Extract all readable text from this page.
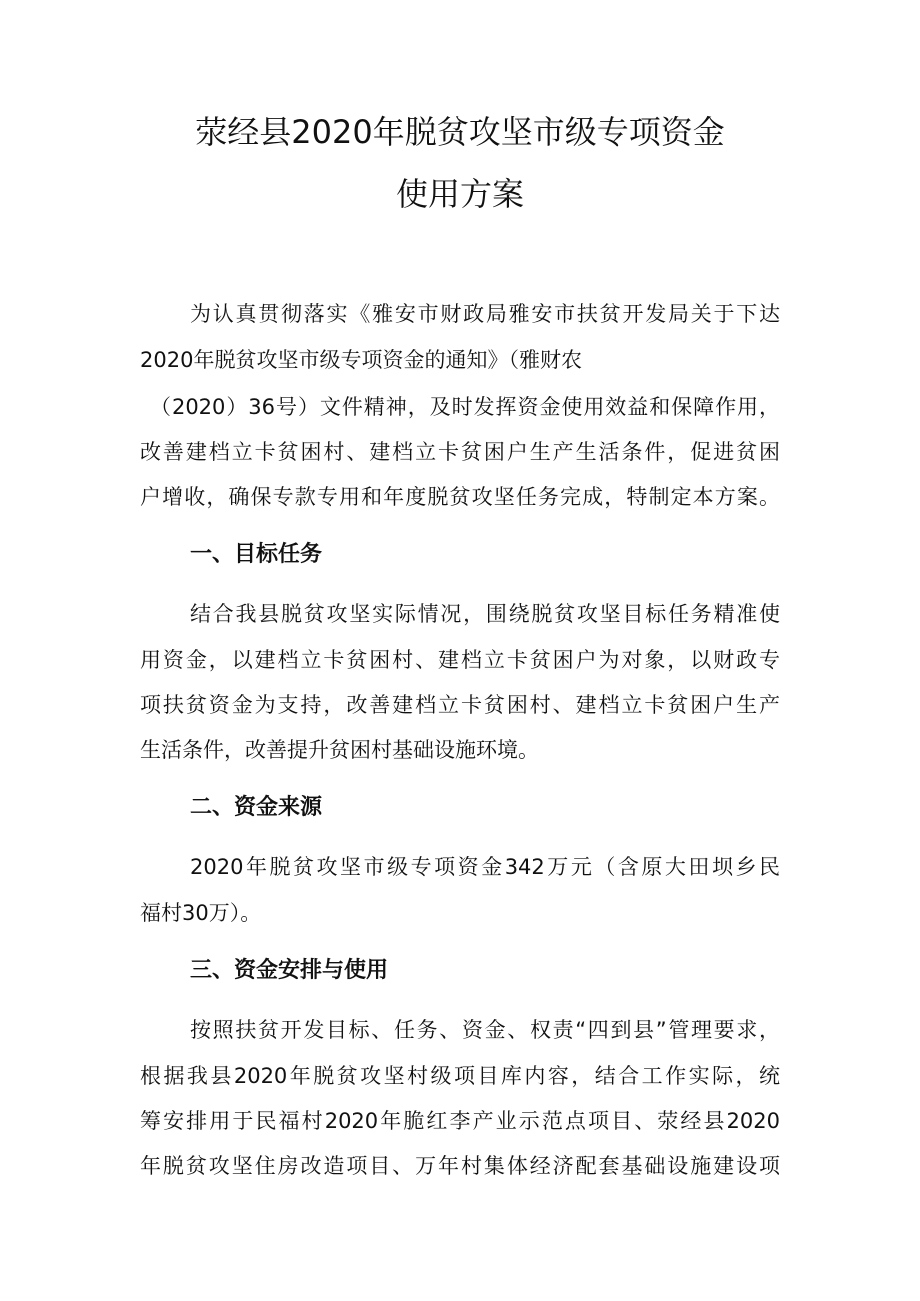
荥经县2020年脱贫攻坚市级专项资金
使用方案
为认真贯彻落实《雅安市财政局雅安市扶贫开发局关于下达
2020年脱贫攻坚市级专项资金的通知》（雅财农
（2020）36号）文件精神，及时发挥资金使用效益和保障作用，
改善建档立卡贫困村、建档立卡贫困户生产生活条件，促进贫困
户增收，确保专款专用和年度脱贫攻坚任务完成，特制定本方案。
一、目标任务
结合我县脱贫攻坚实际情况，围绕脱贫攻坚目标任务精准使
用资金，以建档立卡贫困村、建档立卡贫困户为对象，以财政专
项扶贫资金为支持，改善建档立卡贫困村、建档立卡贫困户生产
生活条件，改善提升贫困村基础设施环境。
二、资金来源
2020年脱贫攻坚市级专项资金342万元（含原大田坝乡民
福村30万）。
三、资金安排与使用
按照扶贫开发目标、任务、资金、权责“四到县”管理要求，
根据我县2020年脱贫攻坚村级项目库内容，结合工作实际，统
筹安排用于民福村2020年脆红李产业示范点项目、荥经县2020
年脱贫攻坚住房改造项目、万年村集体经济配套基础设施建设项
